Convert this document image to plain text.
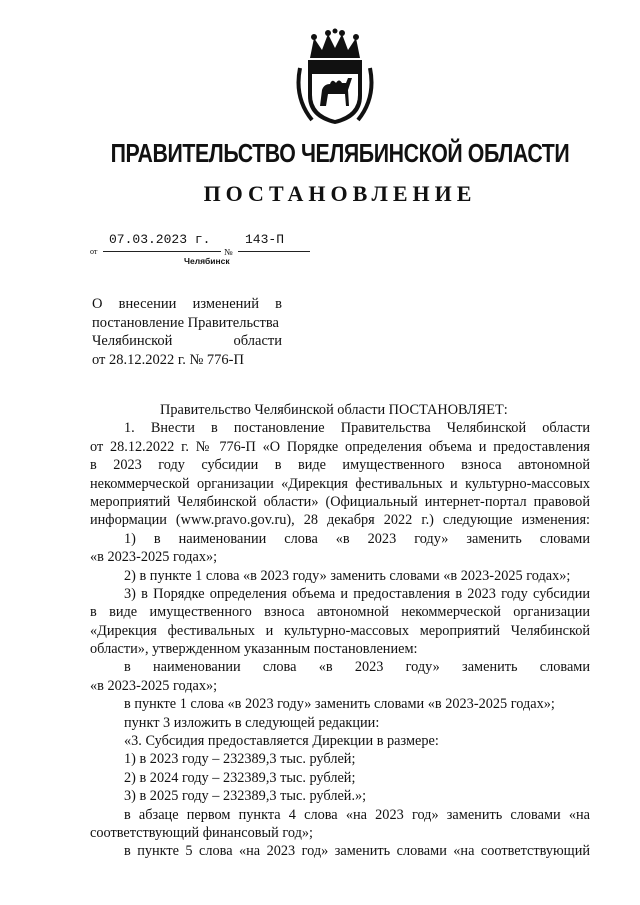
ПРАВИТЕЛЬСТВО ЧЕЛЯБИНСКОЙ ОБЛАСТИ
ПОСТАНОВЛЕНИЕ
от
07.03.2023 г.
№
143-П
Челябинск
О внесении изменений в
постановление Правительства
Челябинской области
от 28.12.2022 г. № 776-П
Правительство Челябинской области ПОСТАНОВЛЯЕТ:
1. Внести в постановление Правительства Челябинской области
от 28.12.2022 г. № 776-П «О Порядке определения объема и предоставления
в 2023 году субсидии в виде имущественного взноса автономной
некоммерческой организации «Дирекция фестивальных и культурно-массовых
мероприятий Челябинской области» (Официальный интернет-портал правовой
информации (www.pravo.gov.ru), 28 декабря 2022 г.) следующие изменения:
1) в наименовании слова «в 2023 году» заменить словами
«в 2023-2025 годах»;
2) в пункте 1 слова «в 2023 году» заменить словами «в 2023-2025 годах»;
3) в Порядке определения объема и предоставления в 2023 году субсидии
в виде имущественного взноса автономной некоммерческой организации
«Дирекция фестивальных и культурно-массовых мероприятий Челябинской
области», утвержденном указанным постановлением:
в наименовании слова «в 2023 году» заменить словами
«в 2023-2025 годах»;
в пункте 1 слова «в 2023 году» заменить словами «в 2023-2025 годах»;
пункт 3 изложить в следующей редакции:
«3. Субсидия предоставляется Дирекции в размере:
1) в 2023 году – 232389,3 тыс. рублей;
2) в 2024 году – 232389,3 тыс. рублей;
3) в 2025 году – 232389,3 тыс. рублей.»;
в абзаце первом пункта 4 слова «на 2023 год» заменить словами «на
соответствующий финансовый год»;
в пункте 5 слова «на 2023 год» заменить словами «на соответствующий
